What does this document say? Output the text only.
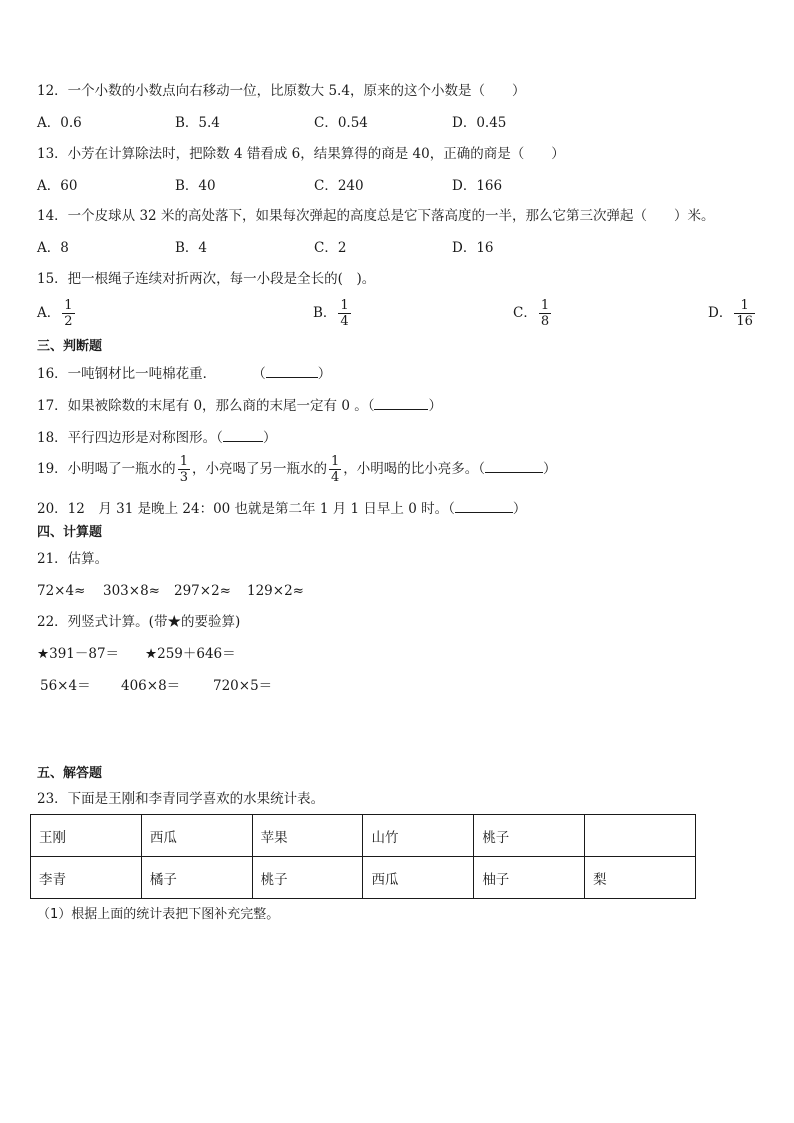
12．一个小数的小数点向右移动一位，比原数大 5.4，原来的这个小数是（　　）
A．0.6	B．5.4	C．0.54	D．0.45
13．小芳在计算除法时，把除数 4 错看成 6，结果算得的商是 40，正确的商是（　　）
A．60	B．40	C．240	D．166
14．一个皮球从 32 米的高处落下，如果每次弹起的高度总是它下落高度的一半，那么它第三次弹起（　　）米。
A．8	B．4	C．2	D．16
15．把一根绳子连续对折两次，每一小段是全长的(　)。
A． $\frac{1}{2}$	B． $\frac{1}{4}$	C． $\frac{1}{8}$	D． $\frac{1}{16}$
三、判断题
16．一吨钢材比一吨棉花重．	（	）
17．如果被除数的末尾有 0，那么商的末尾一定有 0 。（	）
18．平行四边形是对称图形。（	）
19．小明喝了一瓶水的 $\frac{1}{3}$ ，小亮喝了另一瓶水的 $\frac{1}{4}$ ，小明喝的比小亮多。（	）
20．12　月 31 是晚上 24：00 也就是第二年 1 月 1 日早上 0 时。（	）
四、计算题
21．估算。
72×4≈ 303×8≈ 297×2≈ 129×2≈
22．列竖式计算。(带★的要验算)
★391－87＝ ★259＋646＝
56×4＝ 406×8＝ 720×5＝
五、解答题
23．下面是王刚和李青同学喜欢的水果统计表。
王刚	西瓜	苹果	山竹	桃子	
李青	橘子	桃子	西瓜	柚子	梨
（1）根据上面的统计表把下图补充完整。
